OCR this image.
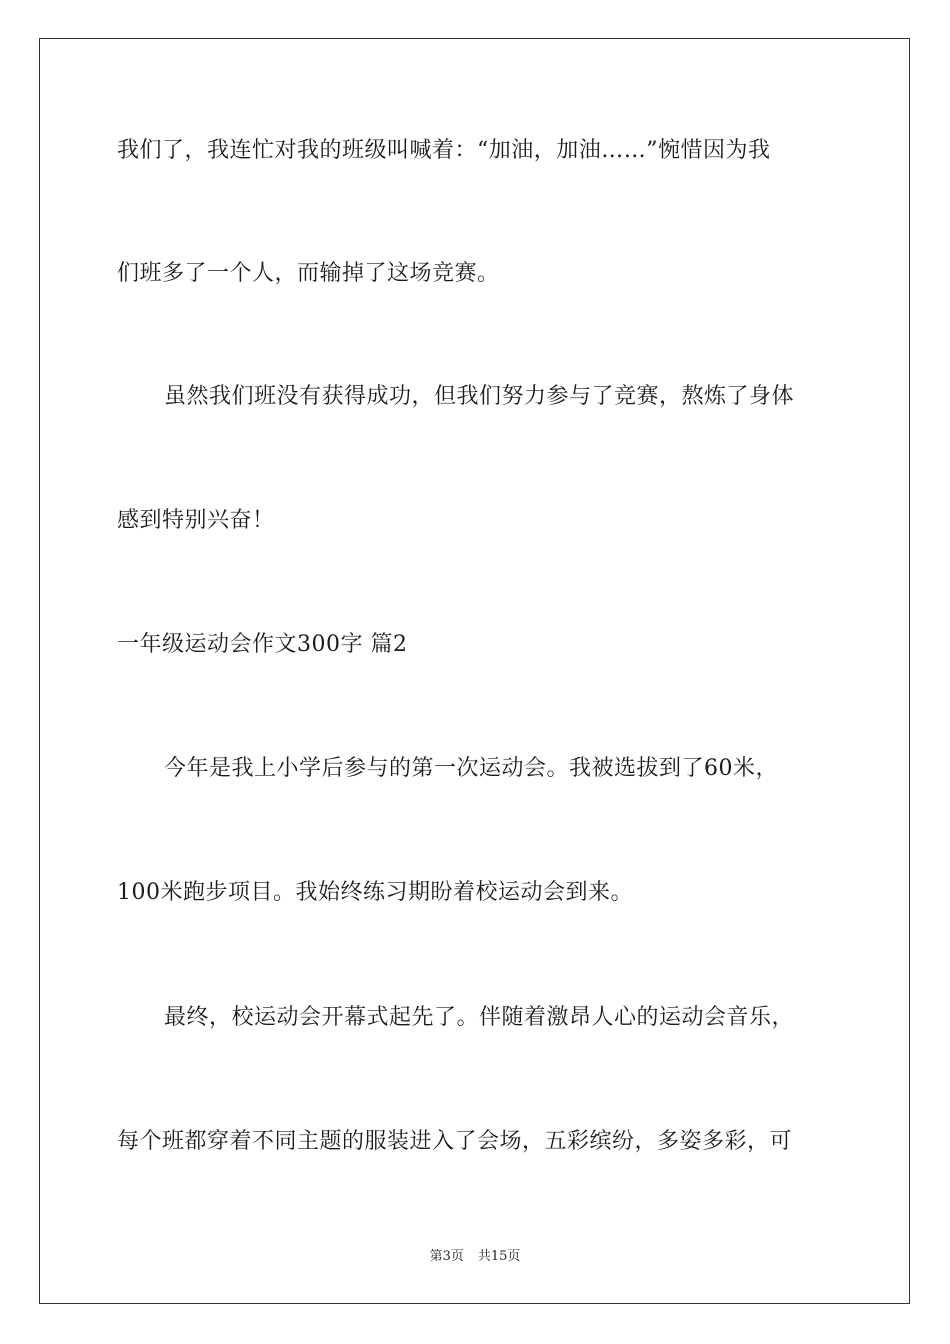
我们了，我连忙对我的班级叫喊着：“加油，加油……”惋惜因为我
们班多了一个人，而输掉了这场竞赛。
虽然我们班没有获得成功，但我们努力参与了竞赛，熬炼了身体
感到特别兴奋！
一年级运动会作文300字 篇2
今年是我上小学后参与的第一次运动会。我被选拔到了60米，
100米跑步项目。我始终练习期盼着校运动会到来。
最终，校运动会开幕式起先了。伴随着激昂人心的运动会音乐，
每个班都穿着不同主题的服装进入了会场，五彩缤纷，多姿多彩，可
第3页 共15页
